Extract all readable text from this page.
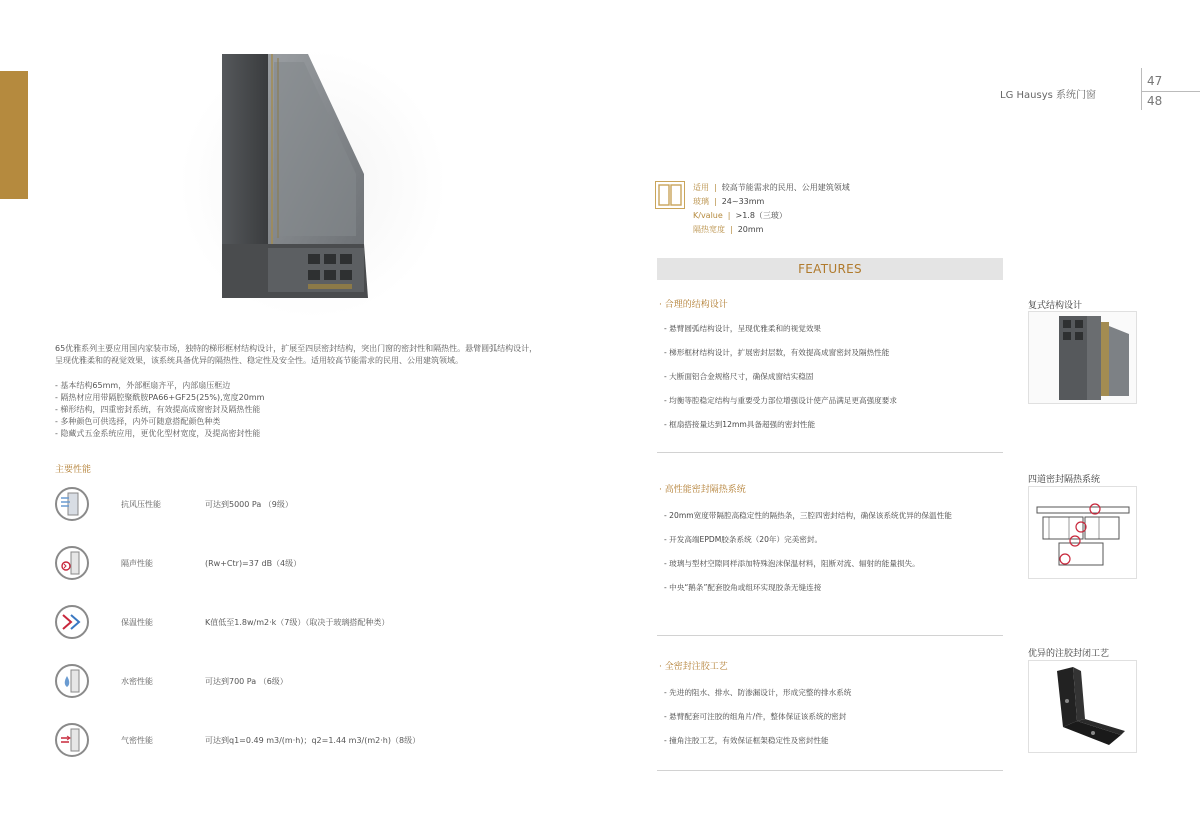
65优雅系列主要应用国内家装市场，独特的梯形框材结构设计，扩展至四层密封结构，突出门窗的密封性和隔热性。悬臂圆弧结构设计，呈现优雅柔和的视觉效果，该系统具备优异的隔热性、稳定性及安全性。适用较高节能需求的民用、公用建筑领域。
- 基本结构65mm，外部框扇齐平，内部扇压框边
- 隔热材应用带隔腔聚酰胺PA66+GF25(25%),宽度20mm
- 梯形结构，四重密封系统，有效提高成窗密封及隔热性能
- 多种颜色可供选择，内外可随意搭配颜色种类
- 隐藏式五金系统应用，更优化型材宽度，及提高密封性能
主要性能
抗风压性能	可达到5000 Pa （9级）
隔声性能	(Rw+Ctr)=37 dB（4级）
保温性能	K值低至1.8w/m2·k（7级）（取决于玻璃搭配种类）
水密性能	可达到700 Pa （6级）
气密性能	可达到q1=0.49 m3/(m·h)；q2=1.44 m3/(m2·h)（8级）
LG Hausys 系统门窗
47
48
适用 | 较高节能需求的民用、公用建筑领域
玻璃 | 24~33mm
K/value | >1.8（三玻）
隔热宽度 | 20mm
FEATURES
· 合理的结构设计
- 悬臂圆弧结构设计，呈现优雅柔和的视觉效果
- 梯形框材结构设计，扩展密封层数，有效提高成窗密封及隔热性能
- 大断面铝合金规格尺寸，确保成窗结实稳固
- 均衡等腔稳定结构与重要受力部位增强设计使产品满足更高强度要求
- 框扇搭接量达到12mm具备超强的密封性能
· 高性能密封隔热系统
- 20mm宽度带隔腔高稳定性的隔热条，三腔四密封结构，确保该系统优异的保温性能
- 开发高端EPDM胶条系统（20年）完美密封。
- 玻璃与型材空隙同样添加特殊泡沫保温材料，阻断对流、辐射的能量损失。
- 中央“鹅条”配套胶角或组环实现胶条无缝连接
· 全密封注胶工艺
- 先进的阻水、排水、防渗漏设计，形成完整的排水系统
- 悬臂配套可注胶的组角片/件，整体保证该系统的密封
- 撞角注胶工艺，有效保证框架稳定性及密封性能
复式结构设计
四道密封隔热系统
优异的注胶封闭工艺
